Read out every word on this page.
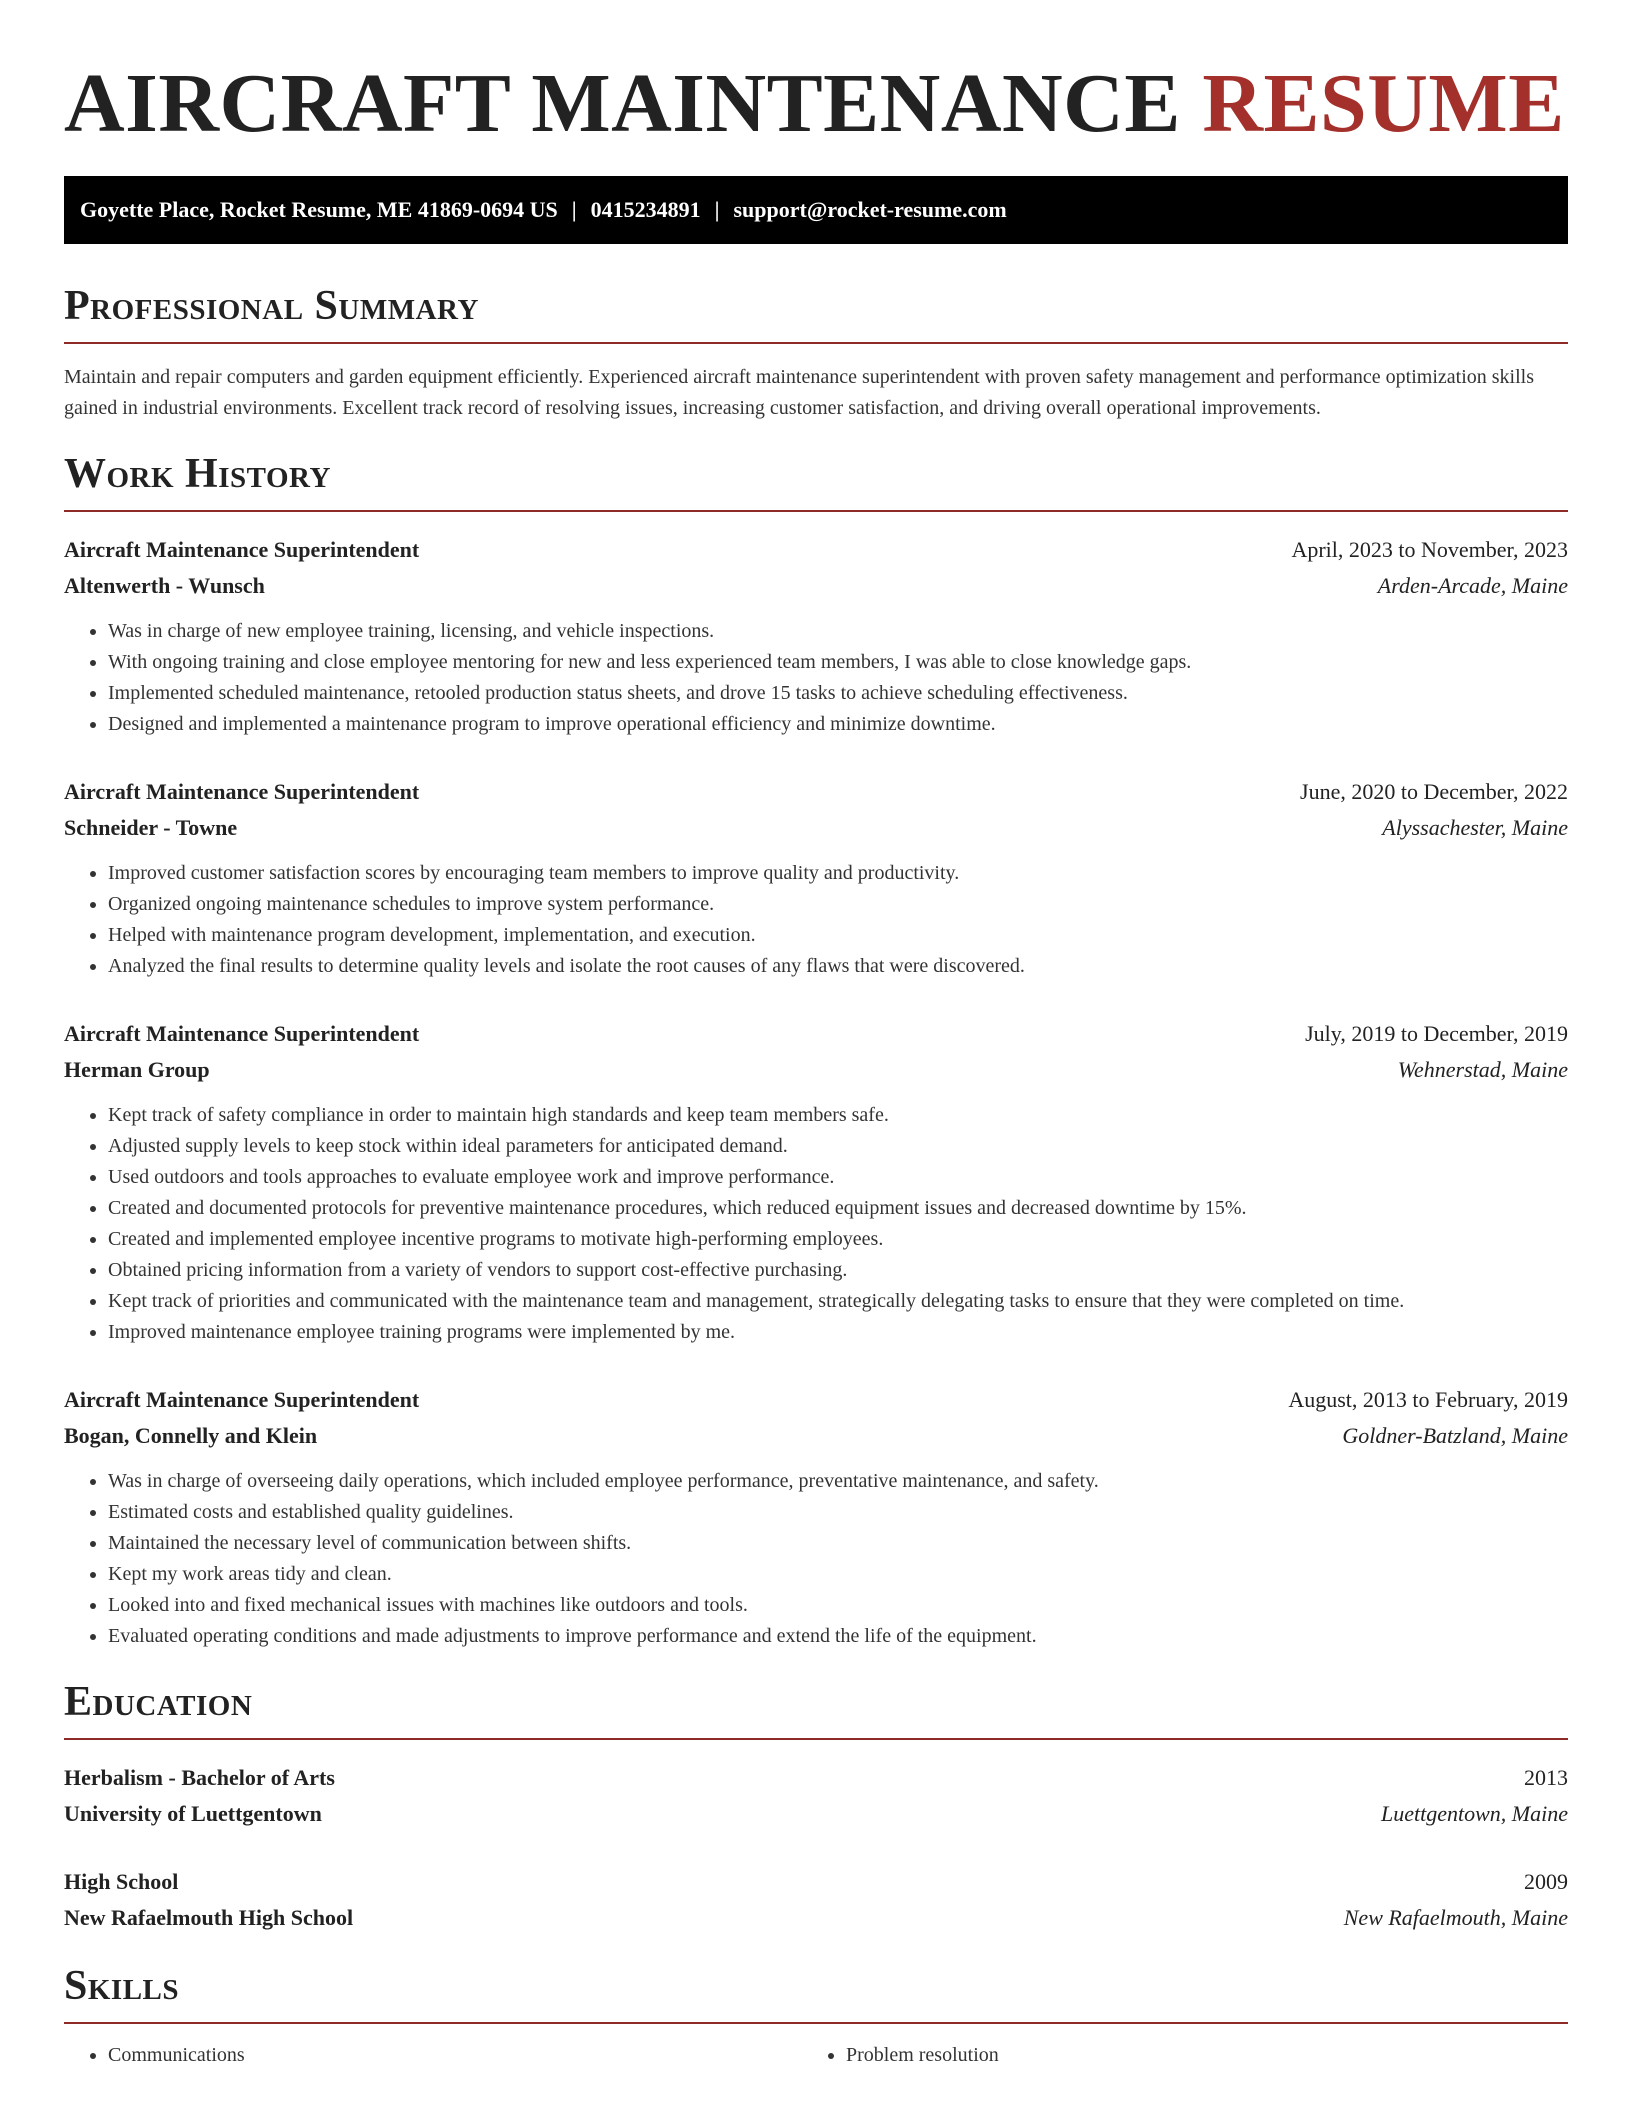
AIRCRAFT MAINTENANCE RESUME
Goyette Place, Rocket Resume, ME 41869-0694 US | 0415234891 | support@rocket-resume.com
Professional Summary

Maintain and repair computers and garden equipment efficiently. Experienced aircraft maintenance superintendent with proven safety management and performance optimization skills gained in industrial environments. Excellent track record of resolving issues, increasing customer satisfaction, and driving overall operational improvements.

Work History
Aircraft Maintenance Superintendent	April, 2023 to November, 2023
Altenwerth - Wunsch	Arden-Arcade, Maine
• Was in charge of new employee training, licensing, and vehicle inspections.
• With ongoing training and close employee mentoring for new and less experienced team members, I was able to close knowledge gaps.
• Implemented scheduled maintenance, retooled production status sheets, and drove 15 tasks to achieve scheduling effectiveness.
• Designed and implemented a maintenance program to improve operational efficiency and minimize downtime.
Aircraft Maintenance Superintendent	June, 2020 to December, 2022
Schneider - Towne	Alyssachester, Maine
• Improved customer satisfaction scores by encouraging team members to improve quality and productivity.
• Organized ongoing maintenance schedules to improve system performance.
• Helped with maintenance program development, implementation, and execution.
• Analyzed the final results to determine quality levels and isolate the root causes of any flaws that were discovered.
Aircraft Maintenance Superintendent	July, 2019 to December, 2019
Herman Group	Wehnerstad, Maine
• Kept track of safety compliance in order to maintain high standards and keep team members safe.
• Adjusted supply levels to keep stock within ideal parameters for anticipated demand.
• Used outdoors and tools approaches to evaluate employee work and improve performance.
• Created and documented protocols for preventive maintenance procedures, which reduced equipment issues and decreased downtime by 15%.
• Created and implemented employee incentive programs to motivate high-performing employees.
• Obtained pricing information from a variety of vendors to support cost-effective purchasing.
• Kept track of priorities and communicated with the maintenance team and management, strategically delegating tasks to ensure that they were completed on time.
• Improved maintenance employee training programs were implemented by me.
Aircraft Maintenance Superintendent	August, 2013 to February, 2019
Bogan, Connelly and Klein	Goldner-Batzland, Maine
• Was in charge of overseeing daily operations, which included employee performance, preventative maintenance, and safety.
• Estimated costs and established quality guidelines.
• Maintained the necessary level of communication between shifts.
• Kept my work areas tidy and clean.
• Looked into and fixed mechanical issues with machines like outdoors and tools.
• Evaluated operating conditions and made adjustments to improve performance and extend the life of the equipment.
Education
Herbalism - Bachelor of Arts	2013
University of Luettgentown	Luettgentown, Maine
High School	2009
New Rafaelmouth High School	New Rafaelmouth, Maine
Skills
• Communications
•	Problem resolution
